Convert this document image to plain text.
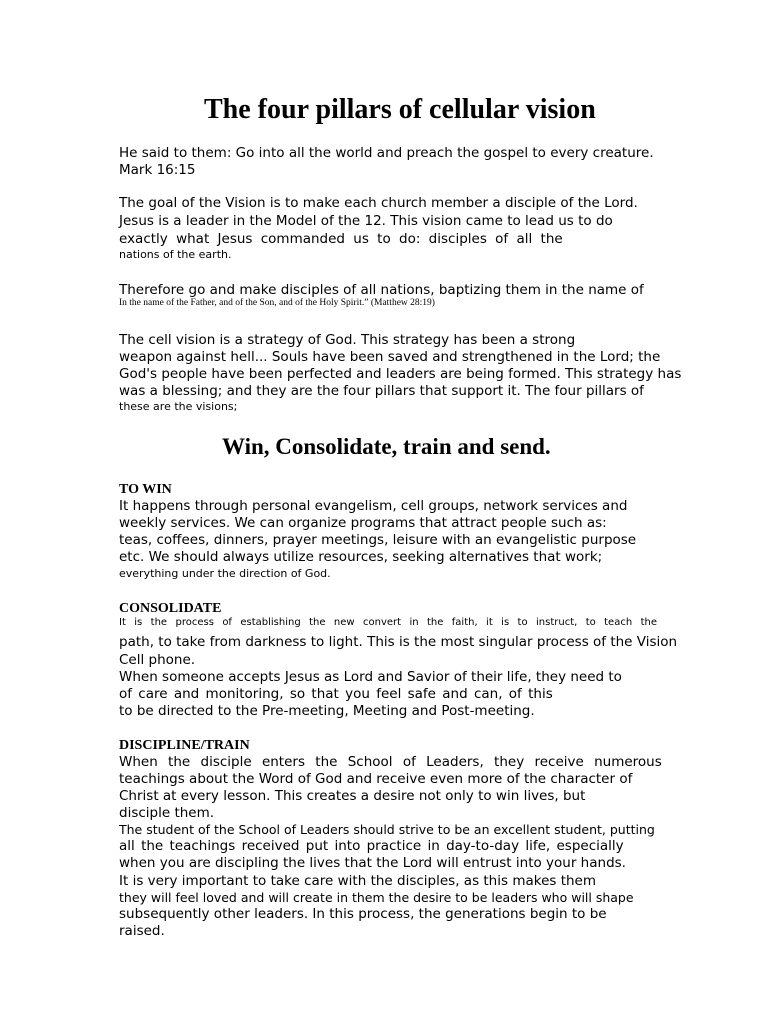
The four pillars of cellular vision

He said to them: Go into all the world and preach the gospel to every creature.

Mark 16:15

The goal of the Vision is to make each church member a disciple of the Lord.

Jesus is a leader in the Model of the 12. This vision came to lead us to do

exactly what Jesus commanded us to do: disciples of all the

nations of the earth.

Therefore go and make disciples of all nations, baptizing them in the name of

In the name of the Father, and of the Son, and of the Holy Spirit.” (Matthew 28:19)

The cell vision is a strategy of God. This strategy has been a strong

weapon against hell... Souls have been saved and strengthened in the Lord; the

God's people have been perfected and leaders are being formed. This strategy has

was a blessing; and they are the four pillars that support it. The four pillars of

these are the visions;

Win, Consolidate, train and send.
TO WIN

It happens through personal evangelism, cell groups, network services and

weekly services. We can organize programs that attract people such as:

teas, coffees, dinners, prayer meetings, leisure with an evangelistic purpose

etc. We should always utilize resources, seeking alternatives that work;

everything under the direction of God.

CONSOLIDATE

It is the process of establishing the new convert in the faith, it is to instruct, to teach the

path, to take from darkness to light. This is the most singular process of the Vision

Cell phone.

When someone accepts Jesus as Lord and Savior of their life, they need to

of care and monitoring, so that you feel safe and can, of this

to be directed to the Pre-meeting, Meeting and Post-meeting.

DISCIPLINE/TRAIN

When the disciple enters the School of Leaders, they receive numerous

teachings about the Word of God and receive even more of the character of

Christ at every lesson. This creates a desire not only to win lives, but

disciple them.

The student of the School of Leaders should strive to be an excellent student, putting

all the teachings received put into practice in day-to-day life, especially

when you are discipling the lives that the Lord will entrust into your hands.

It is very important to take care with the disciples, as this makes them

they will feel loved and will create in them the desire to be leaders who will shape

subsequently other leaders. In this process, the generations begin to be

raised.
